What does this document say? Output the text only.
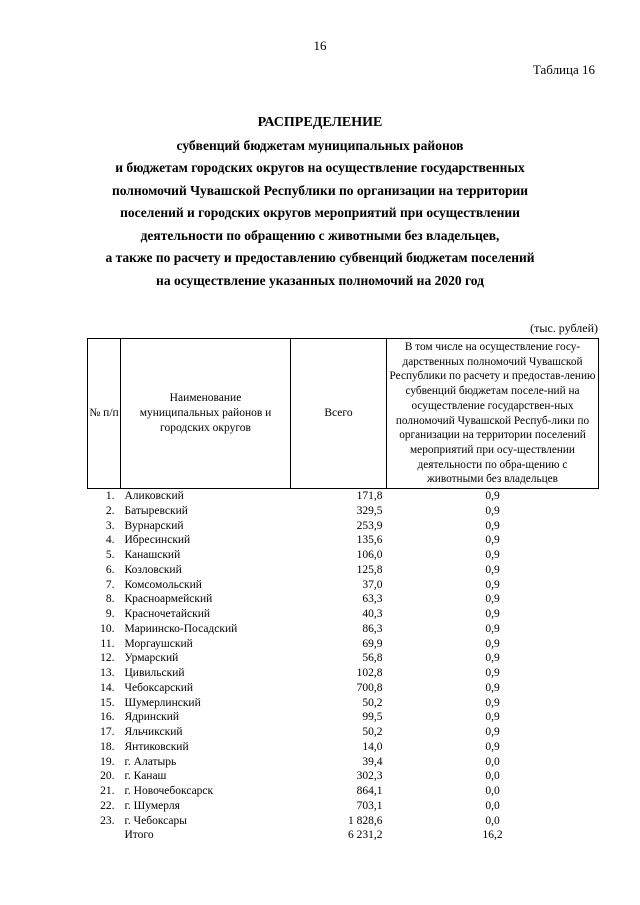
16
Таблица 16
РАСПРЕДЕЛЕНИЕ
субвенций бюджетам муниципальных районов
и бюджетам городских округов на осуществление государственных
полномочий Чувашской Республики по организации на территории
поселений и городских округов мероприятий при осуществлении
деятельности по обращению с животными без владельцев,
а также по расчету и предоставлению субвенций бюджетам поселений
на осуществление указанных полномочий на 2020 год
(тыс. рублей)
№ п/п	Наименование муниципальных районов и городских округов	Всего	В том числе на осуществление госу-дарственных полномочий Чувашской Республики по расчету и предостав-лению субвенций бюджетам поселе-ний на осуществление государствен-ных полномочий Чувашской Респуб-лики по организации на территории поселений мероприятий при осу-ществлении деятельности по обра-щению с животными без владельцев
1.	Аликовский	171,8	0,9
2.	Батыревский	329,5	0,9
3.	Вурнарский	253,9	0,9
4.	Ибресинский	135,6	0,9
5.	Канашский	106,0	0,9
6.	Козловский	125,8	0,9
7.	Комсомольский	37,0	0,9
8.	Красноармейский	63,3	0,9
9.	Красночетайский	40,3	0,9
10.	Мариинско-Посадский	86,3	0,9
11.	Моргаушский	69,9	0,9
12.	Урмарский	56,8	0,9
13.	Цивильский	102,8	0,9
14.	Чебоксарский	700,8	0,9
15.	Шумерлинский	50,2	0,9
16.	Ядринский	99,5	0,9
17.	Яльчикский	50,2	0,9
18.	Янтиковский	14,0	0,9
19.	г. Алатырь	39,4	0,0
20.	г. Канаш	302,3	0,0
21.	г. Новочебоксарск	864,1	0,0
22.	г. Шумерля	703,1	0,0
23.	г. Чебоксары	1 828,6	0,0
	Итого	6 231,2	16,2
